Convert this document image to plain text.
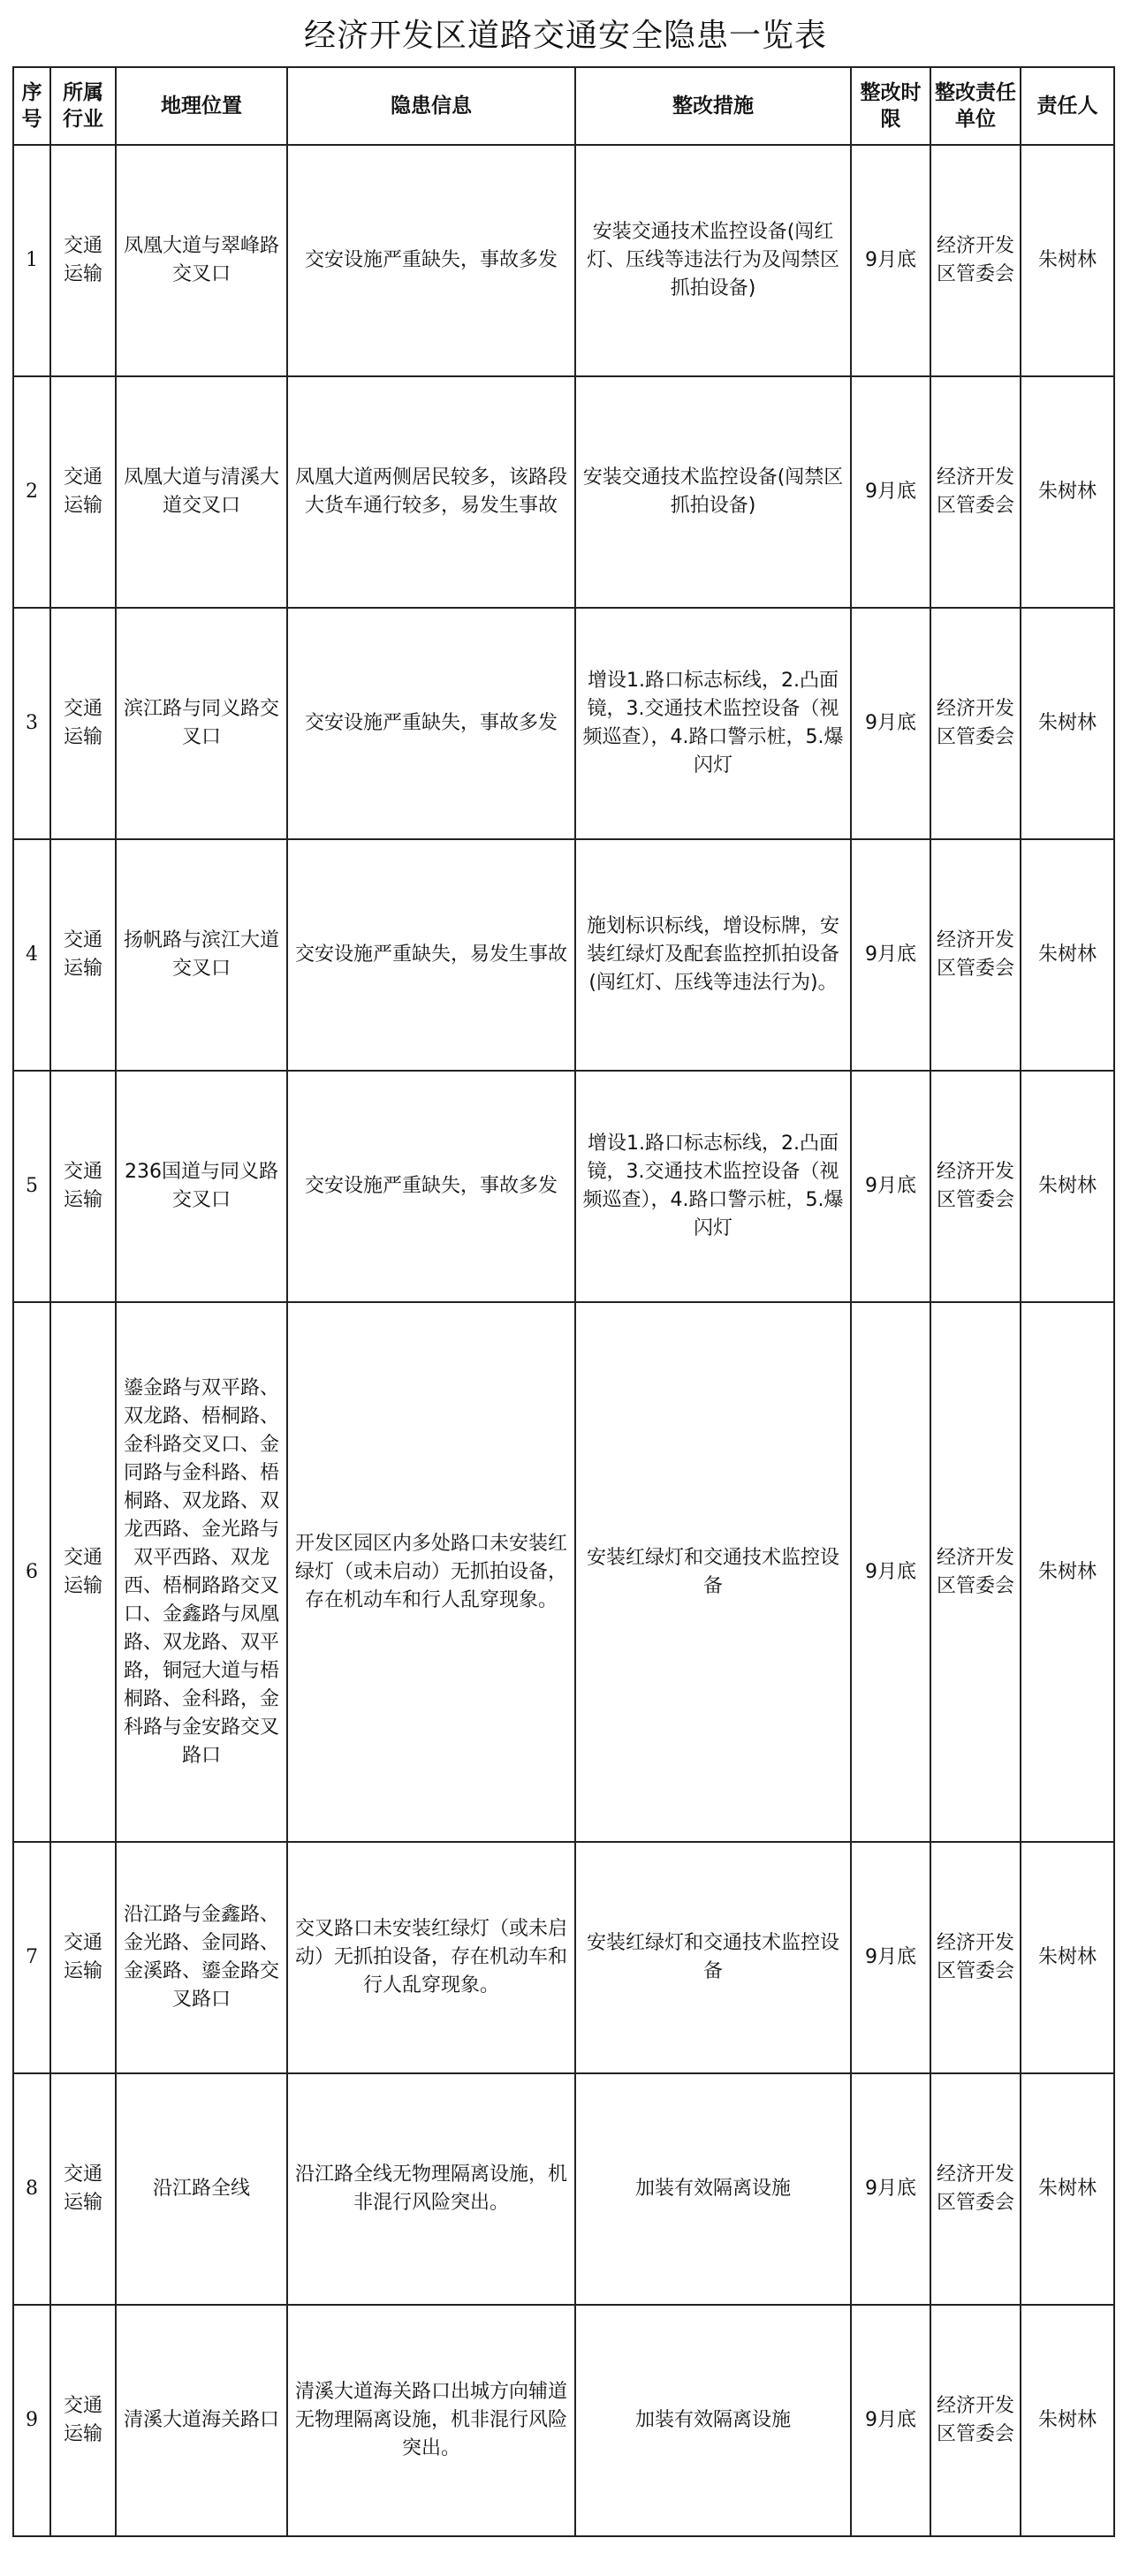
经济开发区道路交通安全隐患一览表
序号	所属行业	地理位置	隐患信息	整改措施	整改时限	整改责任单位	责任人
1	交通运输	凤凰大道与翠峰路交叉口	交安设施严重缺失，事故多发	安装交通技术监控设备(闯红灯、压线等违法行为及闯禁区抓拍设备)	9月底	经济开发区管委会	朱树林
2	交通运输	凤凰大道与清溪大道交叉口	凤凰大道两侧居民较多，该路段大货车通行较多，易发生事故	安装交通技术监控设备(闯禁区抓拍设备)	9月底	经济开发区管委会	朱树林
3	交通运输	滨江路与同义路交叉口	交安设施严重缺失，事故多发	增设1.路口标志标线，2.凸面镜，3.交通技术监控设备（视频巡查），4.路口警示桩，5.爆闪灯	9月底	经济开发区管委会	朱树林
4	交通运输	扬帆路与滨江大道交叉口	交安设施严重缺失，易发生事故	施划标识标线，增设标牌，安装红绿灯及配套监控抓拍设备(闯红灯、压线等违法行为)。	9月底	经济开发区管委会	朱树林
5	交通运输	236国道与同义路交叉口	交安设施严重缺失，事故多发	增设1.路口标志标线，2.凸面镜，3.交通技术监控设备（视频巡查），4.路口警示桩，5.爆闪灯	9月底	经济开发区管委会	朱树林
6	交通运输	鎏金路与双平路、双龙路、梧桐路、金科路交叉口、金同路与金科路、梧桐路、双龙路、双龙西路、金光路与双平西路、双龙西、梧桐路路交叉口、金鑫路与凤凰路、双龙路、双平路，铜冠大道与梧桐路、金科路，金科路与金安路交叉路口	开发区园区内多处路口未安装红绿灯（或未启动）无抓拍设备，存在机动车和行人乱穿现象。	安装红绿灯和交通技术监控设备	9月底	经济开发区管委会	朱树林
7	交通运输	沿江路与金鑫路、金光路、金同路、金溪路、鎏金路交叉路口	交叉路口未安装红绿灯（或未启动）无抓拍设备，存在机动车和行人乱穿现象。	安装红绿灯和交通技术监控设备	9月底	经济开发区管委会	朱树林
8	交通运输	沿江路全线	沿江路全线无物理隔离设施，机非混行风险突出。	加装有效隔离设施	9月底	经济开发区管委会	朱树林
9	交通运输	清溪大道海关路口	清溪大道海关路口出城方向辅道无物理隔离设施，机非混行风险突出。	加装有效隔离设施	9月底	经济开发区管委会	朱树林
